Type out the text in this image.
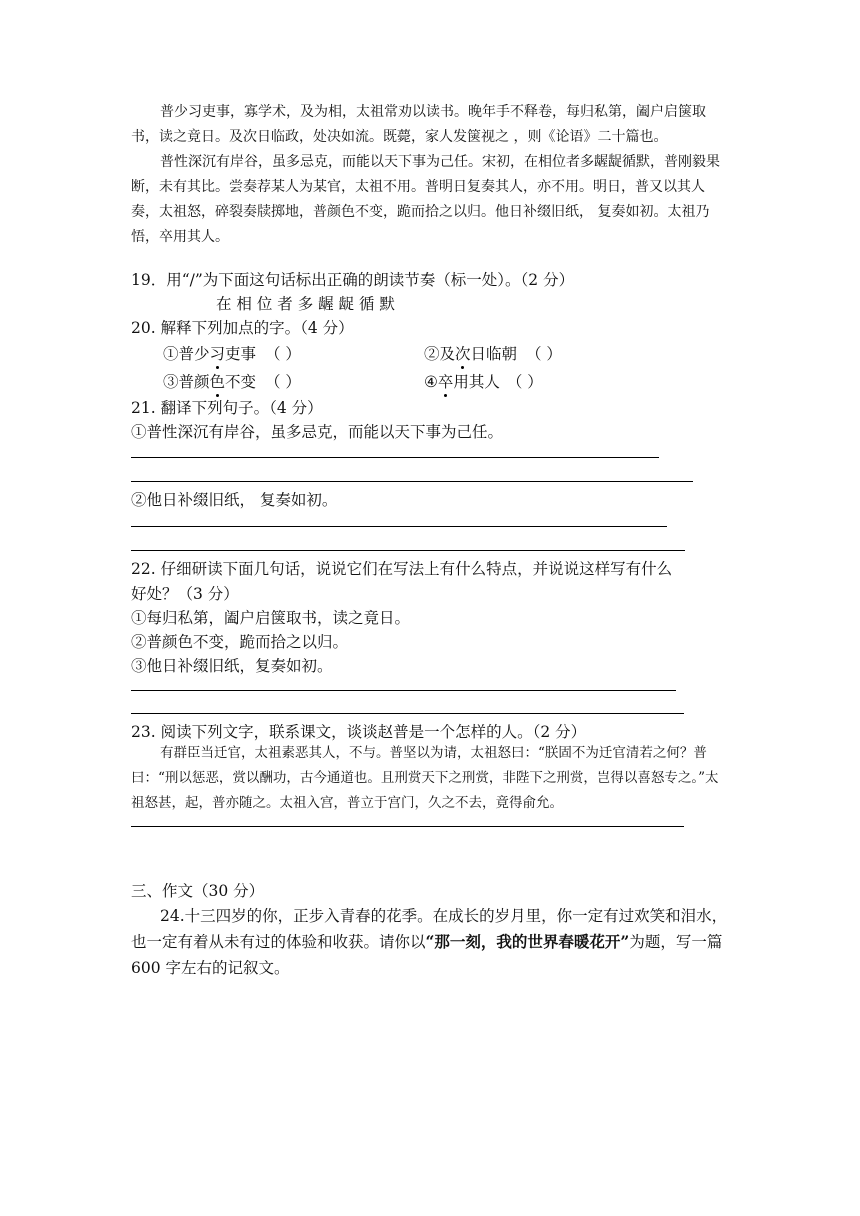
普少习吏事，寡学术，及为相，太祖常劝以读书。晚年手不释卷，每归私第，阖户启箧取书，读之竟日。及次日临政，处决如流。既薨，家人发箧视之 ，则《论语》二十篇也。

普性深沉有岸谷，虽多忌克，而能以天下事为己任。宋初，在相位者多龌龊循默，普刚毅果断，未有其比。尝奏荐某人为某官，太祖不用。普明日复奏其人，亦不用。明日，普又以其人奏，太祖怒，碎裂奏牍掷地，普颜色不变，跪而拾之以归。他日补缀旧纸， 复奏如初。太祖乃悟，卒用其人。

19．用“/”为下面这句话标出正确的朗读节奏（标一处）。（2 分）
在 相 位 者 多 龌 龊 循 默
20. 解释下列加点的字。（4 分）
①普少习吏事 （ ）	②及次日临朝 （ ）
③普颜色不变 （ ）	④卒用其人 （ ）
21. 翻译下列句子。（4 分）
①普性深沉有岸谷，虽多忌克，而能以天下事为己任。
②他日补缀旧纸， 复奏如初。
22. 仔细研读下面几句话，说说它们在写法上有什么特点，并说说这样写有什么
好处？（3 分）
①每归私第，阖户启箧取书，读之竟日。
②普颜色不变，跪而拾之以归。
③他日补缀旧纸，复奏如初。
23. 阅读下列文字，联系课文，谈谈赵普是一个怎样的人。（2 分）

有群臣当迁官，太祖素恶其人，不与。普坚以为请，太祖怒曰：“朕固不为迁官清若之何？普曰：“刑以惩恶，赏以酬功，古今通道也。且刑赏天下之刑赏，非陛下之刑赏，岂得以喜怒专之。”太祖怒甚，起，普亦随之。太祖入宫，普立于宫门，久之不去，竟得俞允。

三、作文（30 分）

24.十三四岁的你，正步入青春的花季。在成长的岁月里，你一定有过欢笑和泪水，也一定有着从未有过的体验和收获。请你以“那一刻，我的世界春暖花开”为题，写一篇 600 字左右的记叙文。
